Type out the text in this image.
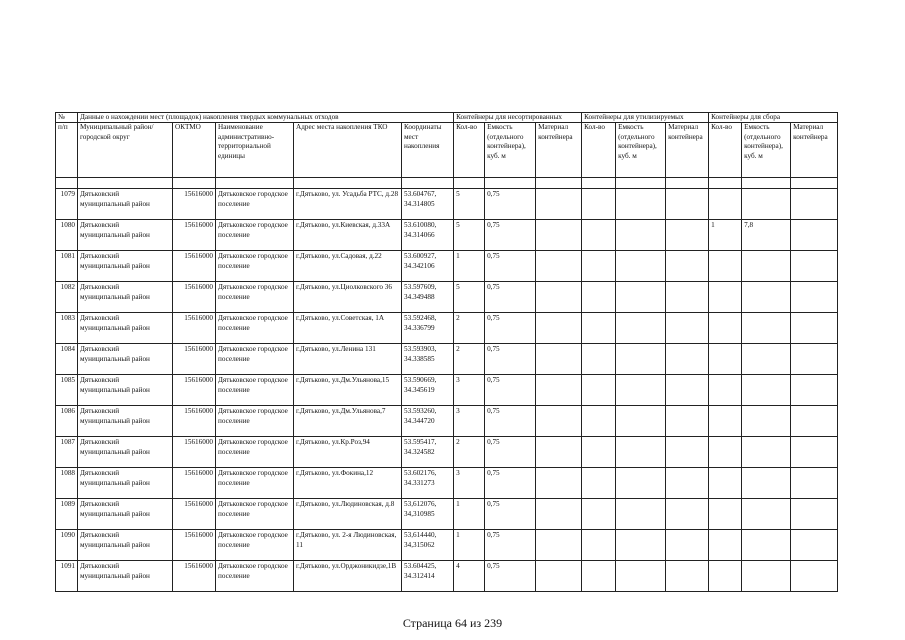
№	Данные о нахождении мест (площадок) накопления твердых коммунальных отходов					Контейнеры для несортированных			Контейнеры для утилизируемых			Контейнеры для сбора		
п/п	Муниципальный район/городской округ	ОКТМО	Наименование административно-территориальной единицы	Адрес места накопления ТКО	Координаты мест накопления	Кол-во	Емкость (отдельного контейнера), куб. м	Материал контейнера	Кол-во	Емкость (отдельного контейнера), куб. м	Материал контейнера	Кол-во	Емкость (отдельного контейнера), куб. м	Материал контейнера

1079	Дятьковский муниципальный район	15616000	Дятьковское городское поселение	г.Дятьково, ул. Усадьба РТС, д.28	53.604767, 34.314805	5	0,75							
1080	Дятьковский муниципальный район	15616000	Дятьковское городское поселение	г.Дятьково, ул.Киевская, д.33А	53.610080, 34.314066	5	0,75					1	7,8	
1081	Дятьковский муниципальный район	15616000	Дятьковское городское поселение	г.Дятьково, ул.Садовая, д.22	53.600927, 34.342106	1	0,75							
1082	Дятьковский муниципальный район	15616000	Дятьковское городское поселение	г.Дятьково, ул.Циолковского 36	53.597609, 34.349488	5	0,75							
1083	Дятьковский муниципальный район	15616000	Дятьковское городское поселение	г.Дятьково, ул.Советская, 1А	53.592468, 34.336799	2	0,75							
1084	Дятьковский муниципальный район	15616000	Дятьковское городское поселение	г.Дятьково, ул.Ленина 131	53.593903, 34.338585	2	0,75							
1085	Дятьковский муниципальный район	15616000	Дятьковское городское поселение	г.Дятьково, ул.Дм.Ульянова,15	53.590669, 34.345619	3	0,75							
1086	Дятьковский муниципальный район	15616000	Дятьковское городское поселение	г.Дятьково, ул.Дм.Ульянова,7	53.593260, 34.344720	3	0,75							
1087	Дятьковский муниципальный район	15616000	Дятьковское городское поселение	г.Дятьково, ул.Кр.Роз,94	53.595417, 34.324582	2	0,75							
1088	Дятьковский муниципальный район	15616000	Дятьковское городское поселение	г.Дятьково, ул.Фокина,12	53.602176, 34.331273	3	0,75							
1089	Дятьковский муниципальный район	15616000	Дятьковское городское поселение	г.Дятьково, ул.Людиновская, д.8	53,612076, 34,310985	1	0,75							
1090	Дятьковский муниципальный район	15616000	Дятьковское городское поселение	г.Дятьково, ул. 2-я Людиновская, 11	53,614440, 34,315062	1	0,75							
1091	Дятьковский муниципальный район	15616000	Дятьковское городское поселение	г.Дятьково, ул.Орджоникидзе,1В	53.604425, 34.312414	4	0,75							
Страница 64 из 239
